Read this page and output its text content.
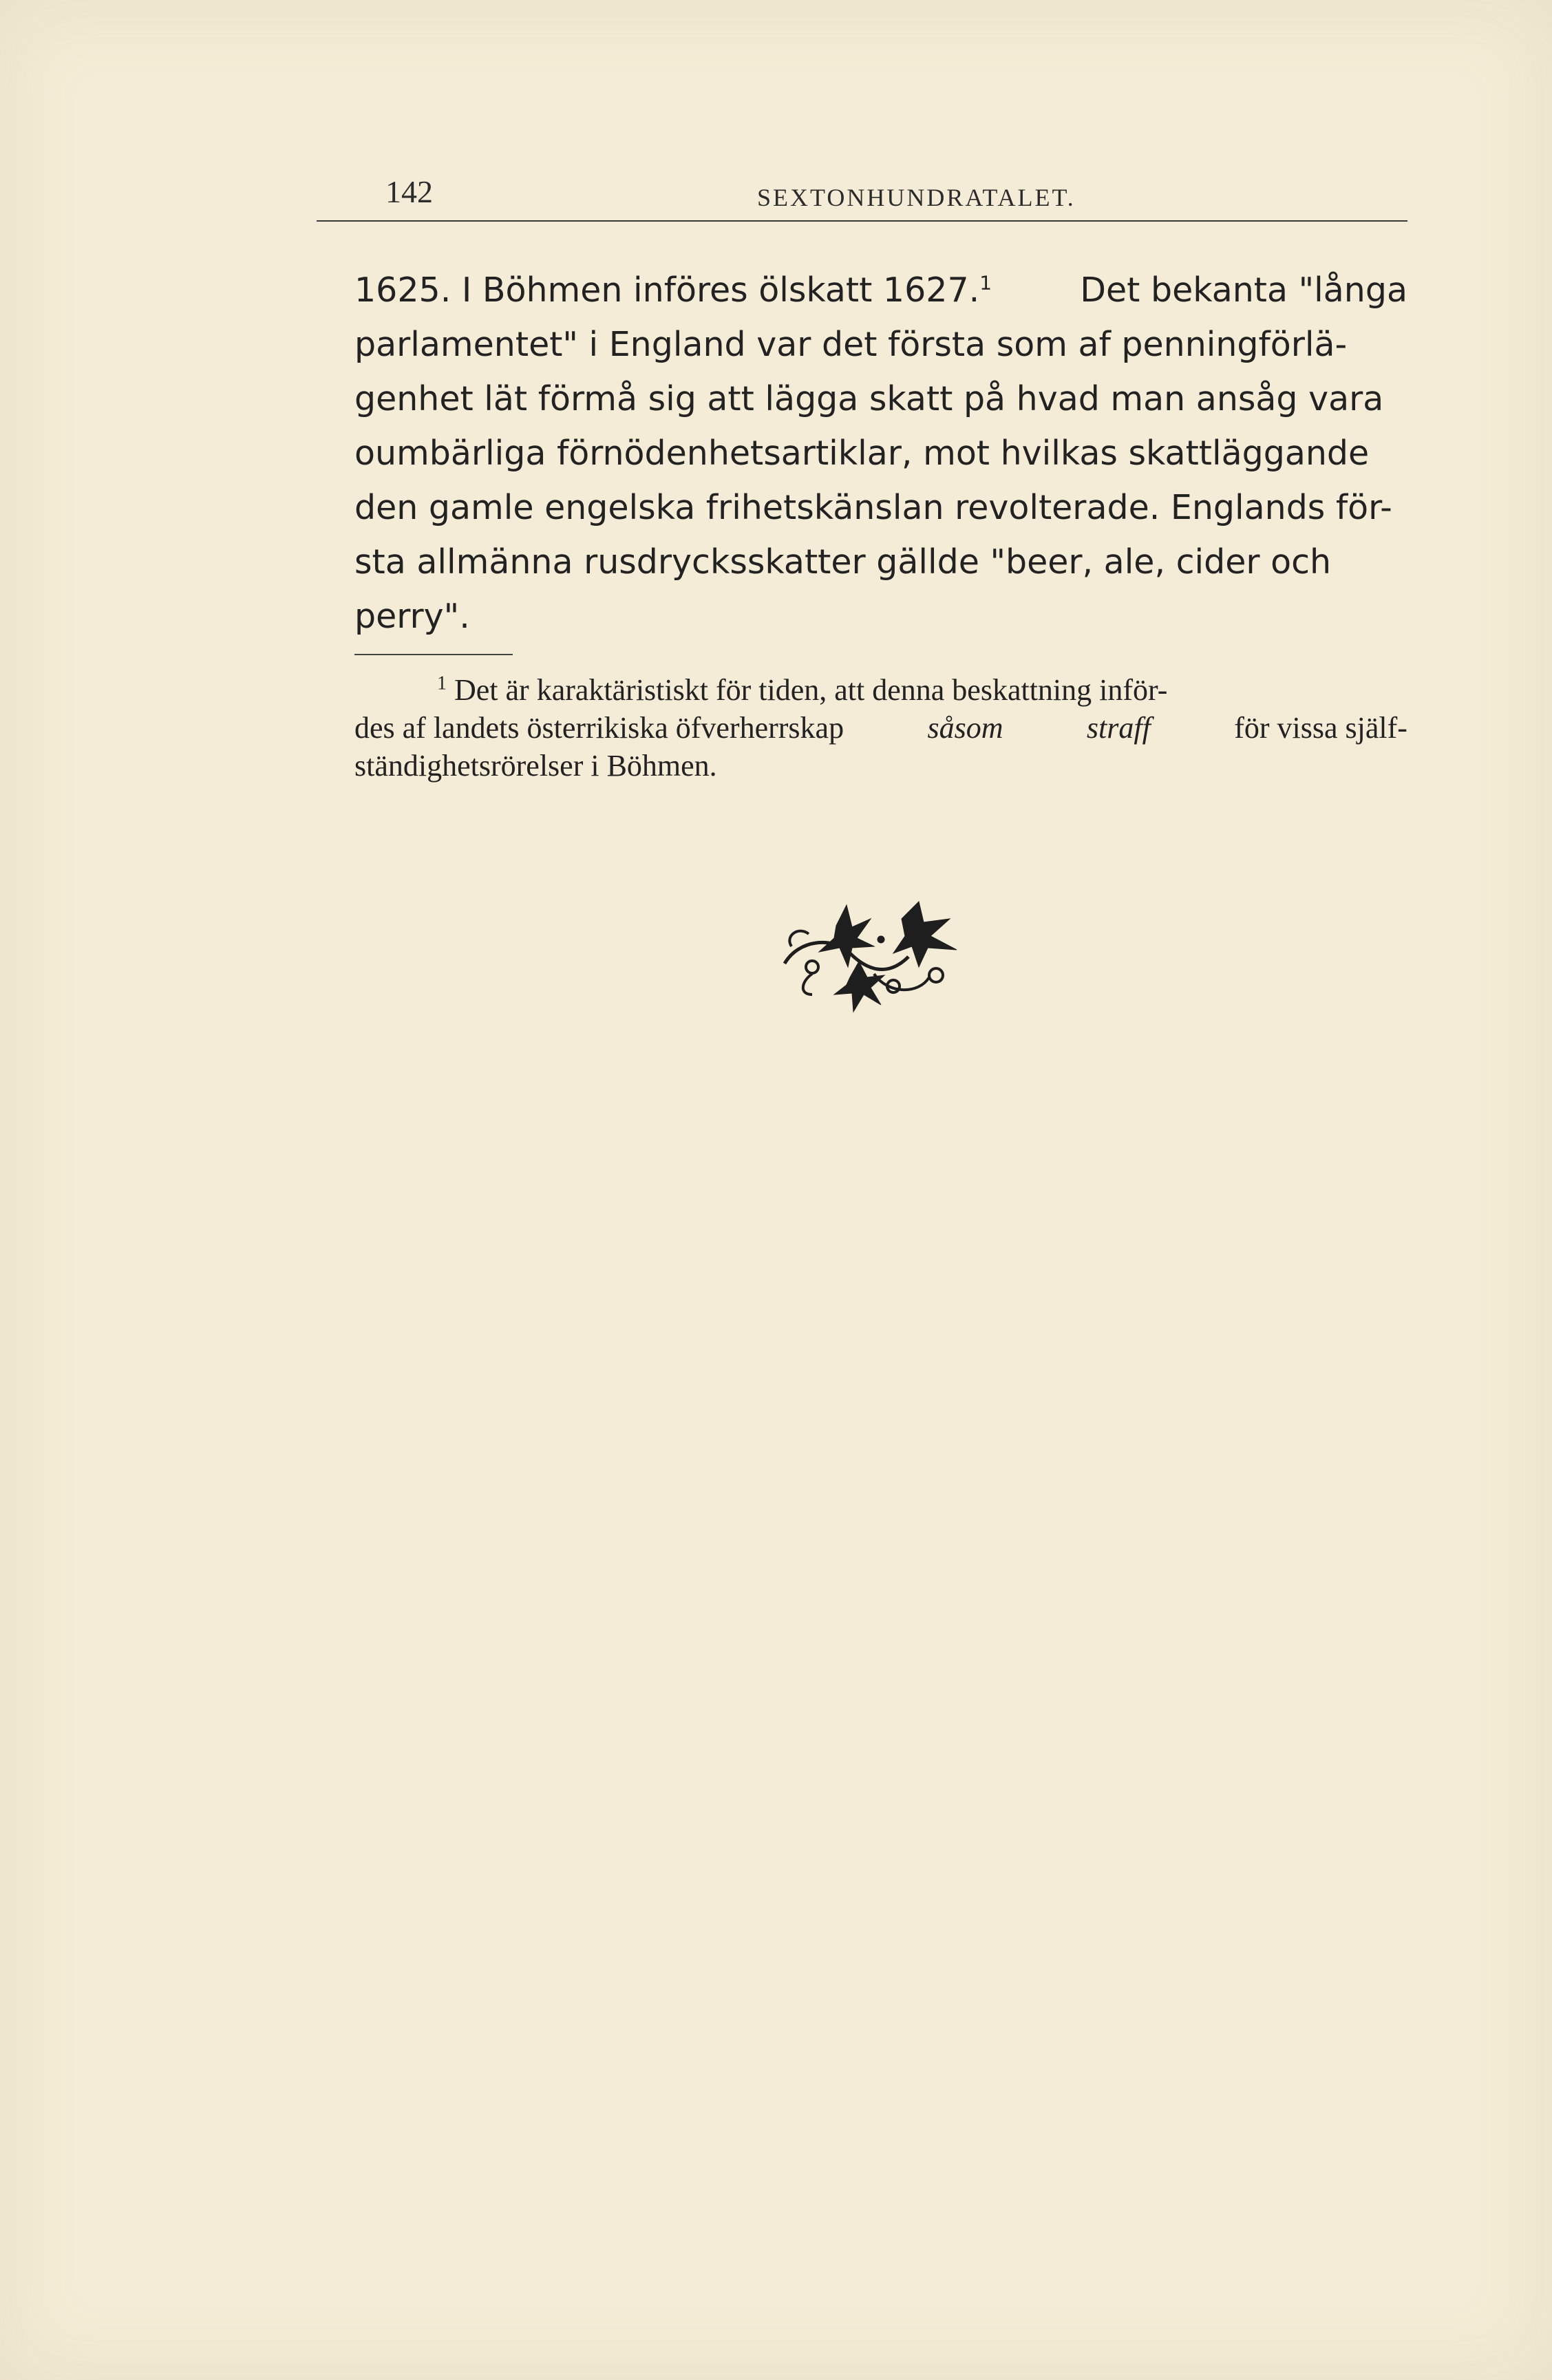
142	SEXTONHUNDRATALET.
1625. I Böhmen införes ölskatt 1627.$^1$	Det bekanta "långa
parlamentet" i England var det första som af penningförlä-
genhet lät förmå sig att lägga skatt på hvad man ansåg vara
oumbärliga förnödenhetsartiklar, mot hvilkas skattläggande
den gamle engelska frihetskänslan revolterade. Englands för-
sta allmänna rusdrycksskatter gällde "beer, ale, cider och
perry".
$^1$ Det är karaktäristiskt för tiden, att denna beskattning inför-
des af landets österrikiska öfverherrskap	såsom	straff	för vissa själf-
ständighetsrörelser i Böhmen.
